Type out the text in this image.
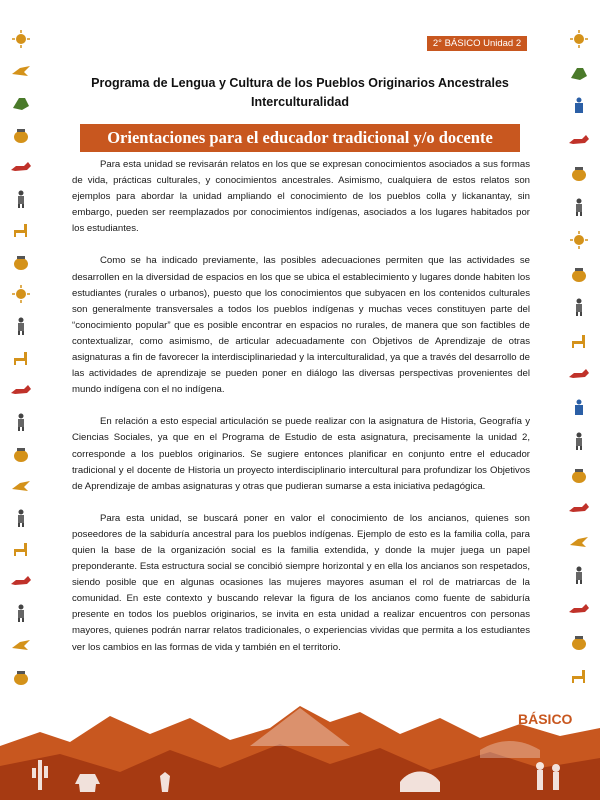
2° BÁSICO Unidad 2
Programa de Lengua y Cultura de los Pueblos Originarios Ancestrales
Interculturalidad
Orientaciones para el educador tradicional y/o docente

Para esta unidad se revisarán relatos en los que se expresan conocimientos asociados a sus formas de vida, prácticas culturales, y conocimientos ancestrales. Asimismo, cualquiera de estos relatos son ejemplos para abordar la unidad ampliando el conocimiento de los pueblos colla y lickanantay, sin embargo, pueden ser reemplazados por conocimientos indígenas, asociados a los lugares habitados por los estudiantes.

Como se ha indicado previamente, las posibles adecuaciones permiten que las actividades se desarrollen en la diversidad de espacios en los que se ubica el establecimiento y lugares donde habiten los estudiantes (rurales o urbanos), puesto que los conocimientos que subyacen en los contenidos culturales son generalmente transversales a todos los pueblos indígenas y muchas veces constituyen parte del “conocimiento popular” que es posible encontrar en espacios no rurales, de manera que son factibles de contextualizar, como asimismo, de articular adecuadamente con Objetivos de Aprendizaje de otras asignaturas a fin de favorecer la interdisciplinariedad y la interculturalidad, ya que a través del desarrollo de las actividades de aprendizaje se pueden poner en diálogo las diversas perspectivas provenientes del mundo indígena con el no indígena.

En relación a esto especial articulación se puede realizar con la asignatura de Historia, Geografía y Ciencias Sociales, ya que en el Programa de Estudio de esta asignatura, precisamente la unidad 2, corresponde a los pueblos originarios. Se sugiere entonces planificar en conjunto entre el educador tradicional y el docente de Historia un proyecto interdisciplinario intercultural para profundizar los Objetivos de Aprendizaje de ambas asignaturas y otras que pudieran sumarse a esta iniciativa pedagógica.

Para esta unidad, se buscará poner en valor el conocimiento de los ancianos, quienes son poseedores de la sabiduría ancestral para los pueblos indígenas. Ejemplo de esto es la familia colla, para quien la base de la organización social es la familia extendida, y donde la mujer juega un papel preponderante. Esta estructura social se concibió siempre horizontal y en ella los ancianos son respetados, siendo posible que en algunas ocasiones las mujeres mayores asuman el rol de matriarcas de la comunidad. En este contexto y buscando relevar la figura de los ancianos como fuente de sabiduría presente en todos los pueblos originarios, se invita en esta unidad a realizar encuentros con personas mayores, quienes podrán narrar relatos tradicionales, o experiencias vividas que permita a los estudiantes ver los cambios en las formas de vida y también en el territorio.

BÁSICO
